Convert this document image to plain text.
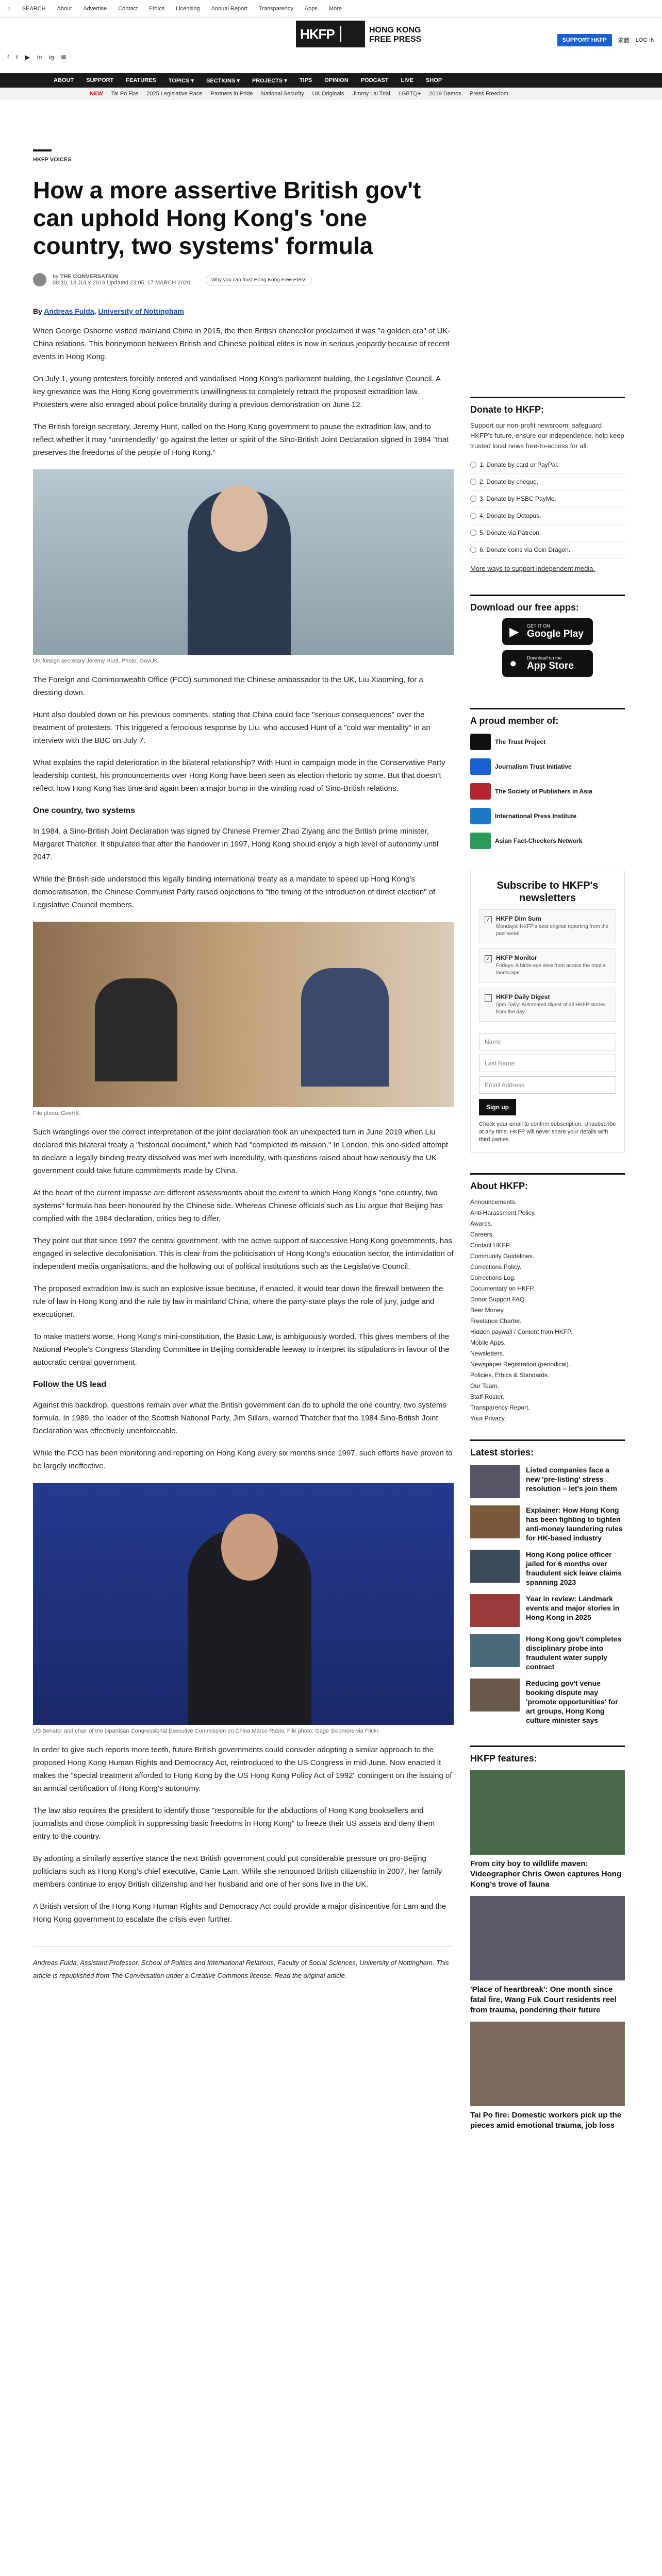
⌕ SEARCH About Advertise Contact Ethics Licensing Annual Report Transparency Apps More
HKFP	HONG KONG
FREE PRESS	SUPPORT HKFP	繁體 LOG IN
f t ▶ in ig ✉
ABOUT SUPPORT FEATURES TOPICS ▾ SECTIONS ▾ PROJECTS ▾ TIPS OPINION PODCAST LIVE SHOP
NEW Tai Po Fire 2025 Legislative Race Partners in Pride National Security UK Originals Jimmy Lai Trial LGBTQ+ 2019 Demos Press Freedom
HKFP VOICES
How a more assertive British gov't can uphold Hong Kong's 'one country, two systems' formula
by THE CONVERSATION
08:30, 14 JULY 2019 Updated 23:05, 17 MARCH 2020	Why you can trust Hong Kong Free Press
By Andreas Fulda, University of Nottingham

When George Osborne visited mainland China in 2015, the then British chancellor proclaimed it was "a golden era" of UK-China relations. This honeymoon between British and Chinese political elites is now in serious jeopardy because of recent events in Hong Kong.

On July 1, young protesters forcibly entered and vandalised Hong Kong's parliament building, the Legislative Council. A key grievance was the Hong Kong government's unwillingness to completely retract the proposed extradition law. Protesters were also enraged about police brutality during a previous demonstration on June 12.

The British foreign secretary, Jeremy Hunt, called on the Hong Kong government to pause the extradition law, and to reflect whether it may "unintendedly" go against the letter or spirit of the Sino-British Joint Declaration signed in 1984 "that preserves the freedoms of the people of Hong Kong."

UK foreign secretary Jeremy Hunt. Photo: GovUK.

The Foreign and Commonwealth Office (FCO) summoned the Chinese ambassador to the UK, Liu Xiaoming, for a dressing down.

Hunt also doubled down on his previous comments, stating that China could face "serious consequences" over the treatment of protesters. This triggered a ferocious response by Liu, who accused Hunt of a "cold war mentality" in an interview with the BBC on July 7.

What explains the rapid deterioration in the bilateral relationship? With Hunt in campaign mode in the Conservative Party leadership contest, his pronouncements over Hong Kong have been seen as election rhetoric by some. But that doesn't reflect how Hong Kong has time and again been a major bump in the winding road of Sino-British relations.

One country, two systems

In 1984, a Sino-British Joint Declaration was signed by Chinese Premier Zhao Ziyang and the British prime minister, Margaret Thatcher. It stipulated that after the handover in 1997, Hong Kong should enjoy a high level of autonomy until 2047.

While the British side understood this legally binding international treaty as a mandate to speed up Hong Kong's democratisation, the Chinese Communist Party raised objections to "the timing of the introduction of direct election" of Legislative Council members.

File photo: GovHK.

Such wranglings over the correct interpretation of the joint declaration took an unexpected turn in June 2019 when Liu declared this bilateral treaty a "historical document," which had "completed its mission." In London, this one-sided attempt to declare a legally binding treaty dissolved was met with incredulity, with questions raised about how seriously the UK government could take future commitments made by China.

At the heart of the current impasse are different assessments about the extent to which Hong Kong's "one country, two systems" formula has been honoured by the Chinese side. Whereas Chinese officials such as Liu argue that Beijing has complied with the 1984 declaration, critics beg to differ.

They point out that since 1997 the central government, with the active support of successive Hong Kong governments, has engaged in selective decolonisation. This is clear from the politicisation of Hong Kong's education sector, the intimidation of independent media organisations, and the hollowing out of political institutions such as the Legislative Council.

The proposed extradition law is such an explosive issue because, if enacted, it would tear down the firewall between the rule of law in Hong Kong and the rule by law in mainland China, where the party-state plays the role of jury, judge and executioner.

To make matters worse, Hong Kong's mini-constitution, the Basic Law, is ambiguously worded. This gives members of the National People's Congress Standing Committee in Beijing considerable leeway to interpret its stipulations in favour of the autocratic central government.

Follow the US lead

Against this backdrop, questions remain over what the British government can do to uphold the one country, two systems formula. In 1989, the leader of the Scottish National Party, Jim Sillars, warned Thatcher that the 1984 Sino-British Joint Declaration was effectively unenforceable.

While the FCO has been monitoring and reporting on Hong Kong every six months since 1997, such efforts have proven to be largely ineffective.

US Senator and chair of the bipartisan Congressional Executive Commission on China Marco Rubio. File photo: Gage Skidmore via Flickr.

In order to give such reports more teeth, future British governments could consider adopting a similar approach to the proposed Hong Kong Human Rights and Democracy Act, reintroduced to the US Congress in mid-June. Now enacted it makes the "special treatment afforded to Hong Kong by the US Hong Kong Policy Act of 1992" contingent on the issuing of an annual certification of Hong Kong's autonomy.

The law also requires the president to identify those "responsible for the abductions of Hong Kong booksellers and journalists and those complicit in suppressing basic freedoms in Hong Kong" to freeze their US assets and deny them entry to the country.

By adopting a similarly assertive stance the next British government could put considerable pressure on pro-Beijing politicians such as Hong Kong's chief executive, Carrie Lam. While she renounced British citizenship in 2007, her family members continue to enjoy British citizenship and her husband and one of her sons live in the UK.

A British version of the Hong Kong Human Rights and Democracy Act could provide a major disincentive for Lam and the Hong Kong government to escalate the crisis even further.

Andreas Fulda, Assistant Professor, School of Politics and International Relations, Faculty of Social Sciences, University of Nottingham. This article is republished from The Conversation under a Creative Commons license. Read the original article.

Donate to HKFP:

Support our non-profit newsroom: safeguard HKFP's future, ensure our independence, help keep trusted local news free-to-access for all.

1. Donate by card or PayPal.
2. Donate by cheque.
3. Donate by HSBC PayMe.
4. Donate by Octopus.
5. Donate via Patreon.
6. Donate coins via Coin Dragon.

More ways to support independent media.

Download our free apps:
▶ GET IT ON
Google Play
● Download on the
App Store
A proud member of:
The Trust Project
Journalism Trust Initiative
The Society of Publishers in Asia
International Press Institute
Asian Fact-Checkers Network
Subscribe to HKFP's newsletters
✓ HKFP Dim Sum
Mondays: HKFP's best original reporting from the past week.
✓ HKFP Monitor
Fridays: A birds-eye view from across the media landscape.
HKFP Daily Digest
5pm Daily: Automated digest of all HKFP stories from the day.
Name
Last Name
Email Address
Sign up

Check your email to confirm subscription. Unsubscribe at any time. HKFP will never share your details with third parties.

About HKFP:
Announcements.
Anti-Harassment Policy.
Awards.
Careers.
Contact HKFP.
Community Guidelines.
Corrections Policy.
Corrections Log.
Documentary on HKFP.
Donor Support FAQ.
Beer Money.
Freelance Charter.
Hidden paywall / Content from HKFP.
Mobile Apps.
Newsletters.
Newspaper Registration (periodical).
Policies, Ethics & Standards.
Our Team.
Staff Roster.
Transparency Report.
Your Privacy.
Latest stories:
Listed companies face a new 'pre-listing' stress resolution – let's join them
Explainer: How Hong Kong has been fighting to tighten anti-money laundering rules for HK-based industry
Hong Kong police officer jailed for 6 months over fraudulent sick leave claims spanning 2023
Year in review: Landmark events and major stories in Hong Kong in 2025
Hong Kong gov't completes disciplinary probe into fraudulent water supply contract
Reducing gov't venue booking dispute may 'promote opportunities' for art groups, Hong Kong culture minister says
HKFP features:
From city boy to wildlife maven: Videographer Chris Owen captures Hong Kong's trove of fauna
'Place of heartbreak': One month since fatal fire, Wang Fuk Court residents reel from trauma, pondering their future
Tai Po fire: Domestic workers pick up the pieces amid emotional trauma, job loss
